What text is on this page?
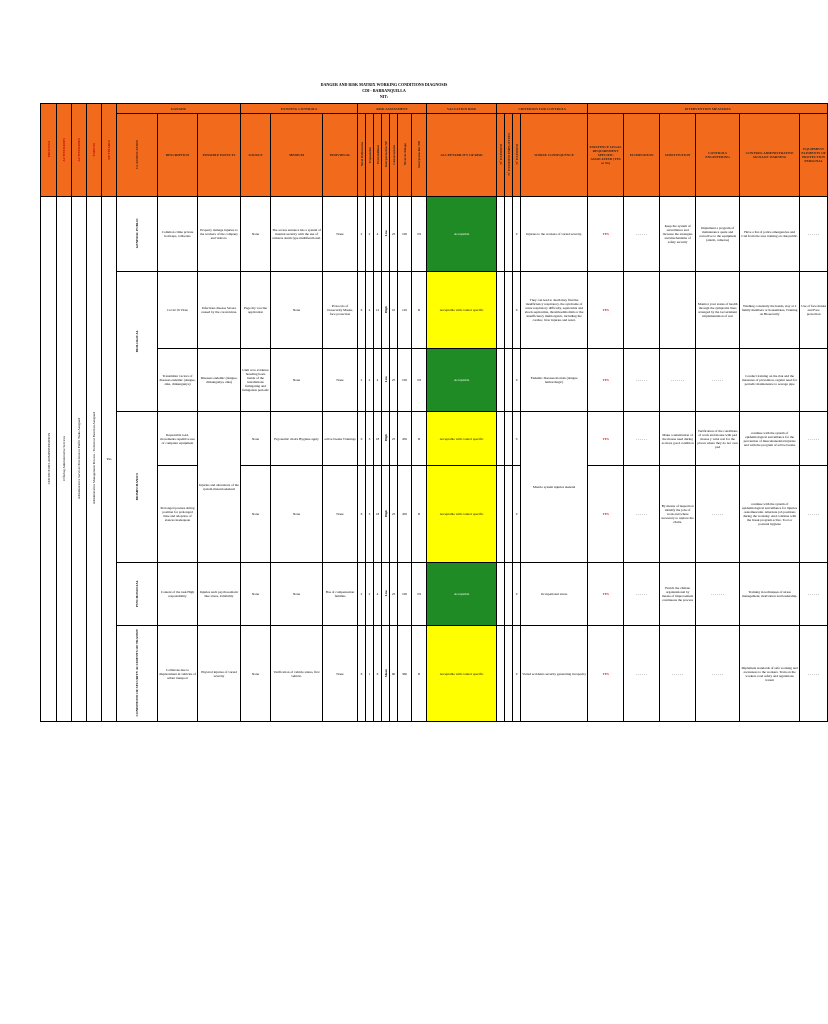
DANGER AND RISK MATRIX WORKING CONDITIONS DIAGNOSIS
CDI - BARRANQUILLA
NIT:
PROCESO	ACTIVIDADES	ACTIVIDADES	TAREAS	RUTINARIA	DANGER			EXISTING CONTROLS			RISK ASSESSMENT							VALUATION RISK	CRITERION FOR CONTROLS				INTERVENTION MEASURES					
					CLASSIFICATION	DESCRIPTION	POSSIBLE EFFECTS	SOURCE	MEDIUM	INDIVIDUAL	Nivel Deficiencia	Exposición	Probabilidad	Interpretación NP	Consecuencia	Nivel de Riesgo	Interpretación NR	ACCEPTABILITY OF RISK	Nº EXPOSED	Nº EXPOSED EMPLOYEES	Nº EXPOSED	WORSE CONSEQUENCE	EXISTENCE LEGAL REQUIREMENT SPECIFIC ASSOCIATED (YES or No)	ELIMINATION	SUBSTITUTION	CONTROLS ENGINEERING	CONTROL ADMINISTRATIVE SIGNAGE WARNING	EQUIPMENT ELEMENTS OF PROTECTION PERSONAL
CDI SECTORS ADMINISTRATION	Offering Administrative Services	Administrative Services Provision to Fulfill Tasks Assigned	Administrative Management Process - Technical Function Assigned	Yes	GENERAL PUBLIC	Common crime private hold-ups, robberies	Property damage injuries to the workers of the company and visitors.	None	The access entrance has a system of internal security with the use of cameras alarm type multifunctional.	None	2	2	4	Low	25	100	III	Acceptable			0	Injuries to the workers of varied severity.	YES	- - - - - -	Keep the system of surveillance and increase the strategies and mechanisms of safety security	Implement a program of maintenance quale and corrective to the equipment (alarm, cameras)	Have a list of police emergencies and CAI from the area training on risk public.	- - - - - -
					BIOLOGICAL	Covid 19 Virus	Infectious disease Severe caused by the coronavirus.	Page my vaccine application	None	Protocols of biosecurity Masks, face protection	6	2	12	High	10	120	II	Acceptable with control specific			0	They can lead to death they find the insufficiency respiratory, the syndrome of acute respiratory difficulty, septicemia and shock septicemia, thromboembolism or the insufficiency multiorganic, including the cardiac, liver injuries and renal.	YES			Monitor your status of health through the symptoms lines arranged by the Government implementation of test	Washing constantly the hands, stay at 2 family members or housemates, Training on Biosecurity	Use of face masks and Face protection
						Transmitter vectors of diseases endemic (dengue, zika, chikungunya)	Diseases endemic (dengue, chikungunya, zika)	Until now evidence breeding hosts inside of the installations fumigating and fumigation periodic	None	None	2	2	4	Low	25	100	III	Acceptable			0	Endemic diseases mortals (dengue hemorrhagic)	YES	- - - - - -	- - - - - - -	- - - - - -	Conduct training on the risk and the measures of prevention, regular need for periodic maintenance to sewage pipe	
					BIOMECHANICS	Repeatable load, movements repetitive use of computer equipment	Injuries and alterations of the system musculoskeletal	None	Ergonomic chairs Hygiene apply	active breaks Trainings	6	3	18	High	25	450	II	Acceptable with control specific			0	Muscle system injuries skeletal	YES	- - - - - -	Make a substitution of the mouse used during as more good condition	Verification of the conditions of work and mouse with pad mouse y wrist rest for the places where they do not own pad	continue with the system of epidemiological surveillance for the prevention of musculoskeletal injuries and with the program of active breaks	- - - - - -
						Prolonged posture sitting position for prolonged time and adoption of stances inadequate		None	None	None	6	3	18	High	25	450	II	Acceptable with control specific			0		YES	- - - - - -	By means of inspection identify the jobs of work and where necessary to replace the chairs.	- - - - - -	continue with the system of epidemiological surveillance for injuries osteomuscular. Alternate job positions during the workday. And continue with the break program active. Tool or postural hygiene	- - - - - -
					PSYCHOSOCIAL	Content of the task High responsibility	Injuries such psychosomatic like stress, irritability	None	None	Bas of compensation families	2	2	4	Low	25	100	III	Acceptable			0	Occupational stress	YES	- - - - - -	Enrich the climate organizational by means of improvement continuous the process	- - - - - - -	Training in techniques of stress management, motivation and leadership.	- - - - - -
					CONDITIONS OF SECURITY ACCIDENTS OF TRANSIT	Collisions due to displacement in vehicles of urban transport	Physical injuries of varied severity	None	Verification of vehicle status, first vehicle.	None	6	1	6	Mean	60	360	II	Acceptable with control specific			0	Varied accidents severity generating incapacity	YES	- - - - - -	- - - - - -	- - - - - -	Implement standards of safe working and awareness to the workers. Train on the workers road safety and regulations transit	- - - - - -
